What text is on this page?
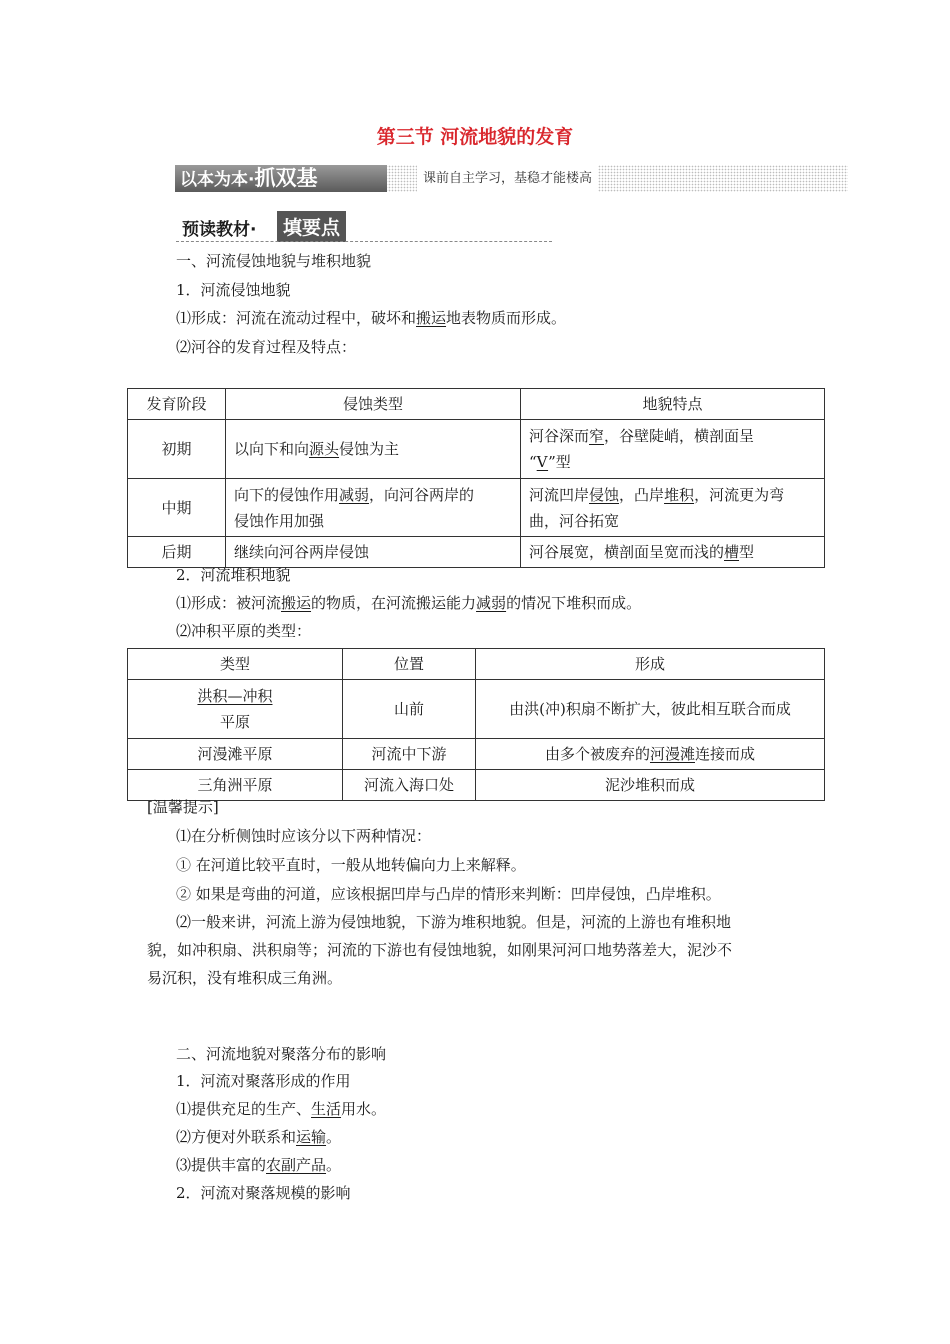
第三节 河流地貌的发育
以本为本·抓双基	课前自主学习，基稳才能楼高
预读教材·	填要点
一、河流侵蚀地貌与堆积地貌
1．河流侵蚀地貌
⑴形成：河流在流动过程中，破坏和搬运地表物质而形成。
⑵河谷的发育过程及特点：
发育阶段	侵蚀类型	地貌特点
初期	以向下和向源头侵蚀为主	河谷深而窄，谷壁陡峭，横剖面呈
“V”型
中期	向下的侵蚀作用减弱，向河谷两岸的
侵蚀作用加强	河流凹岸侵蚀，凸岸堆积，河流更为弯
曲，河谷拓宽
后期	继续向河谷两岸侵蚀	河谷展宽，横剖面呈宽而浅的槽型
2．河流堆积地貌
⑴形成：被河流搬运的物质，在河流搬运能力减弱的情况下堆积而成。
⑵冲积平原的类型：
类型	位置	形成
洪积—冲积
平原	山前	由洪(冲)积扇不断扩大，彼此相互联合而成
河漫滩平原	河流中下游	由多个被废弃的河漫滩连接而成
三角洲平原	河流入海口处	泥沙堆积而成
[温馨提示]
⑴在分析侧蚀时应该分以下两种情况：
① 在河道比较平直时，一般从地转偏向力上来解释。
② 如果是弯曲的河道，应该根据凹岸与凸岸的情形来判断：凹岸侵蚀，凸岸堆积。
⑵一般来讲，河流上游为侵蚀地貌，下游为堆积地貌。但是，河流的上游也有堆积地
貌，如冲积扇、洪积扇等；河流的下游也有侵蚀地貌，如刚果河河口地势落差大，泥沙不
易沉积，没有堆积成三角洲。
二、河流地貌对聚落分布的影响
1．河流对聚落形成的作用
⑴提供充足的生产、生活用水。
⑵方便对外联系和运输。
⑶提供丰富的农副产品。
2．河流对聚落规模的影响
